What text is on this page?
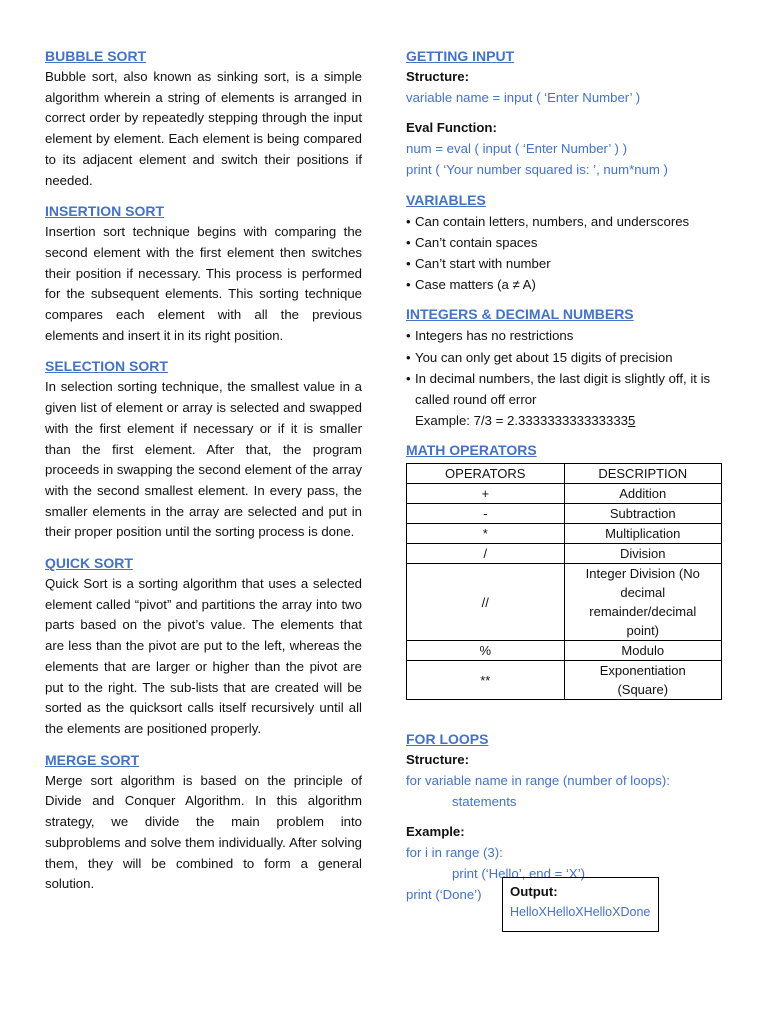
BUBBLE SORT

Bubble sort, also known as sinking sort, is a simple algorithm wherein a string of elements is arranged in correct order by repeatedly stepping through the input element by element. Each element is being compared to its adjacent element and switch their positions if needed.

INSERTION SORT

Insertion sort technique begins with comparing the second element with the first element then switches their position if necessary. This process is performed for the subsequent elements. This sorting technique compares each element with all the previous elements and insert it in its right position.

SELECTION SORT

In selection sorting technique, the smallest value in a given list of element or array is selected and swapped with the first element if necessary or if it is smaller than the first element. After that, the program proceeds in swapping the second element of the array with the second smallest element. In every pass, the smaller elements in the array are selected and put in their proper position until the sorting process is done.

QUICK SORT

Quick Sort is a sorting algorithm that uses a selected element called “pivot” and partitions the array into two parts based on the pivot’s value. The elements that are less than the pivot are put to the left, whereas the elements that are larger or higher than the pivot are put to the right. The sub-lists that are created will be sorted as the quicksort calls itself recursively until all the elements are positioned properly.

MERGE SORT

Merge sort algorithm is based on the principle of Divide and Conquer Algorithm. In this algorithm strategy, we divide the main problem into subproblems and solve them individually. After solving them, they will be combined to form a general solution.

GETTING INPUT

Structure:

variable name = input ( ‘Enter Number’ )

Eval Function:

num = eval ( input ( ‘Enter Number’ ) )

print ( ‘Your number squared is: ’, num*num )

VARIABLES
• Can contain letters, numbers, and underscores
• Can’t contain spaces
• Can’t start with number
• Case matters (a ≠ A)
INTEGERS & DECIMAL NUMBERS
• Integers has no restrictions
• You can only get about 15 digits of precision
• In decimal numbers, the last digit is slightly off, it is called round off error
Example: 7/3 = 2.3333333333333335
MATH OPERATORS
OPERATORS	DESCRIPTION
+	Addition
-	Subtraction
*	Multiplication
/	Division
//	Integer Division (No decimal remainder/decimal point)
%	Modulo
**	Exponentiation (Square)
FOR LOOPS

Structure:

for variable name in range (number of loops):

statements

Example:

for i in range (3):

print (‘Hello’, end = ‘X’)

print (‘Done’)	Output:

HelloXHelloXHelloXDone
